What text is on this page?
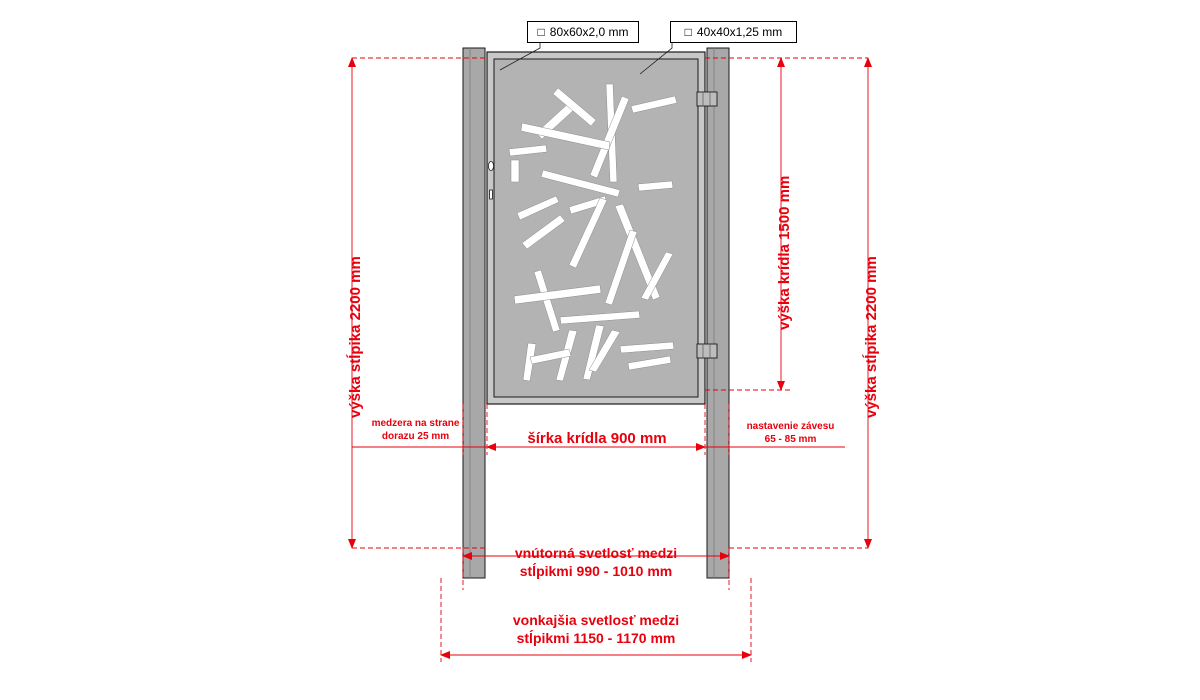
□ 80x60x2,0 mm	□ 40x40x1,25 mm
výška stĺpika 2200 mm	výška stĺpika 2200 mm
výška krídla 1500 mm
šírka krídla 900 mm
medzera na strane
dorazu 25 mm
nastavenie závesu
65 - 85 mm
vnútorná svetlosť medzi
stĺpikmi 990 - 1010 mm
vonkajšia svetlosť medzi
stĺpikmi 1150 - 1170 mm
